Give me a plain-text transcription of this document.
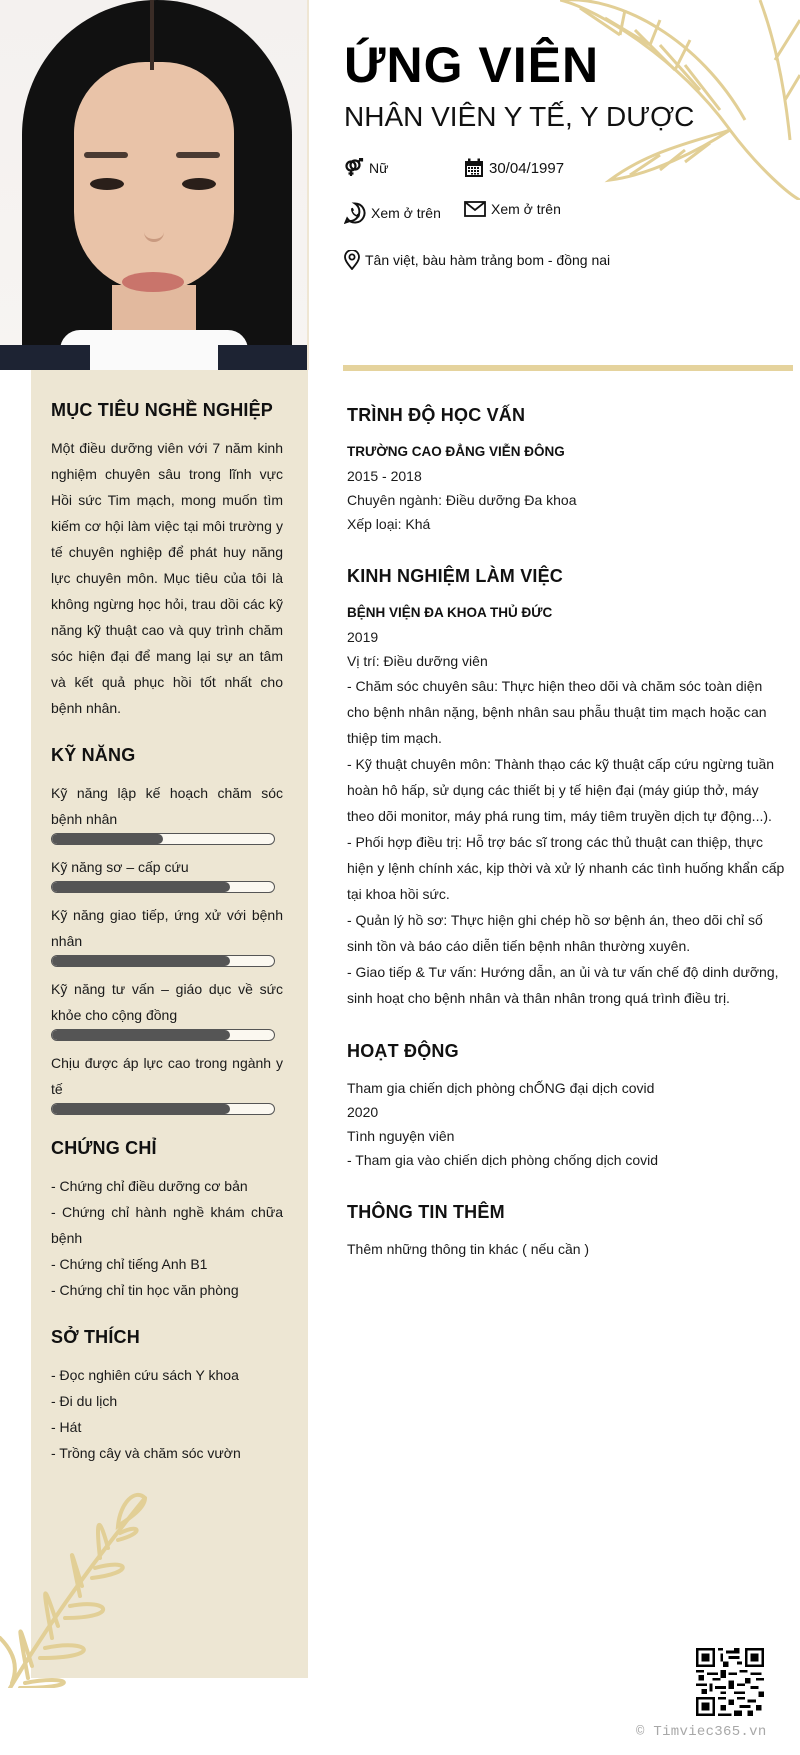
ỨNG VIÊN
NHÂN VIÊN Y TẾ, Y DƯỢC
Nữ	30/04/1997
Xem ở trên	Xem ở trên
Tân việt, bàu hàm trảng bom - đồng nai
MỤC TIÊU NGHỀ NGHIỆP
Một điều dưỡng viên với 7 năm kinh nghiệm chuyên sâu trong lĩnh vực Hồi sức Tim mạch, mong muốn tìm kiếm cơ hội làm việc tại môi trường y tế chuyên nghiệp để phát huy năng lực chuyên môn. Mục tiêu của tôi là không ngừng học hỏi, trau dồi các kỹ năng kỹ thuật cao và quy trình chăm sóc hiện đại để mang lại sự an tâm và kết quả phục hồi tốt nhất cho bệnh nhân.
KỸ NĂNG
Kỹ năng lập kế hoạch chăm sóc bệnh nhân
Kỹ năng sơ – cấp cứu
Kỹ năng giao tiếp, ứng xử với bệnh nhân
Kỹ năng tư vấn – giáo dục về sức khỏe cho cộng đồng
Chịu được áp lực cao trong ngành y tế
CHỨNG CHỈ
- Chứng chỉ điều dưỡng cơ bản
- Chứng chỉ hành nghề khám chữa bệnh
- Chứng chỉ tiếng Anh B1
- Chứng chỉ tin học văn phòng
SỞ THÍCH
- Đọc nghiên cứu sách Y khoa
- Đi du lịch
- Hát
- Trồng cây và chăm sóc vườn
TRÌNH ĐỘ HỌC VẤN
TRƯỜNG CAO ĐẲNG VIỄN ĐÔNG
2015 - 2018
Chuyên ngành: Điều dưỡng Đa khoa
Xếp loại: Khá
KINH NGHIỆM LÀM VIỆC
BỆNH VIỆN ĐA KHOA THỦ ĐỨC
2019
Vị trí: Điều dưỡng viên
- Chăm sóc chuyên sâu: Thực hiện theo dõi và chăm sóc toàn diện cho bệnh nhân nặng, bệnh nhân sau phẫu thuật tim mạch hoặc can thiệp tim mạch.
- Kỹ thuật chuyên môn: Thành thạo các kỹ thuật cấp cứu ngừng tuần hoàn hô hấp, sử dụng các thiết bị y tế hiện đại (máy giúp thở, máy theo dõi monitor, máy phá rung tim, máy tiêm truyền dịch tự động...).
- Phối hợp điều trị: Hỗ trợ bác sĩ trong các thủ thuật can thiệp, thực hiện y lệnh chính xác, kịp thời và xử lý nhanh các tình huống khẩn cấp tại khoa hồi sức.
- Quản lý hồ sơ: Thực hiện ghi chép hồ sơ bệnh án, theo dõi chỉ số sinh tồn và báo cáo diễn tiến bệnh nhân thường xuyên.
- Giao tiếp & Tư vấn: Hướng dẫn, an ủi và tư vấn chế độ dinh dưỡng, sinh hoạt cho bệnh nhân và thân nhân trong quá trình điều trị.
HOẠT ĐỘNG
Tham gia chiến dịch phòng chỐNG đại dịch covid
2020
Tình nguyện viên
- Tham gia vào chiến dịch phòng chống dịch covid
THÔNG TIN THÊM
Thêm những thông tin khác ( nếu cần )
© Timviec365.vn
